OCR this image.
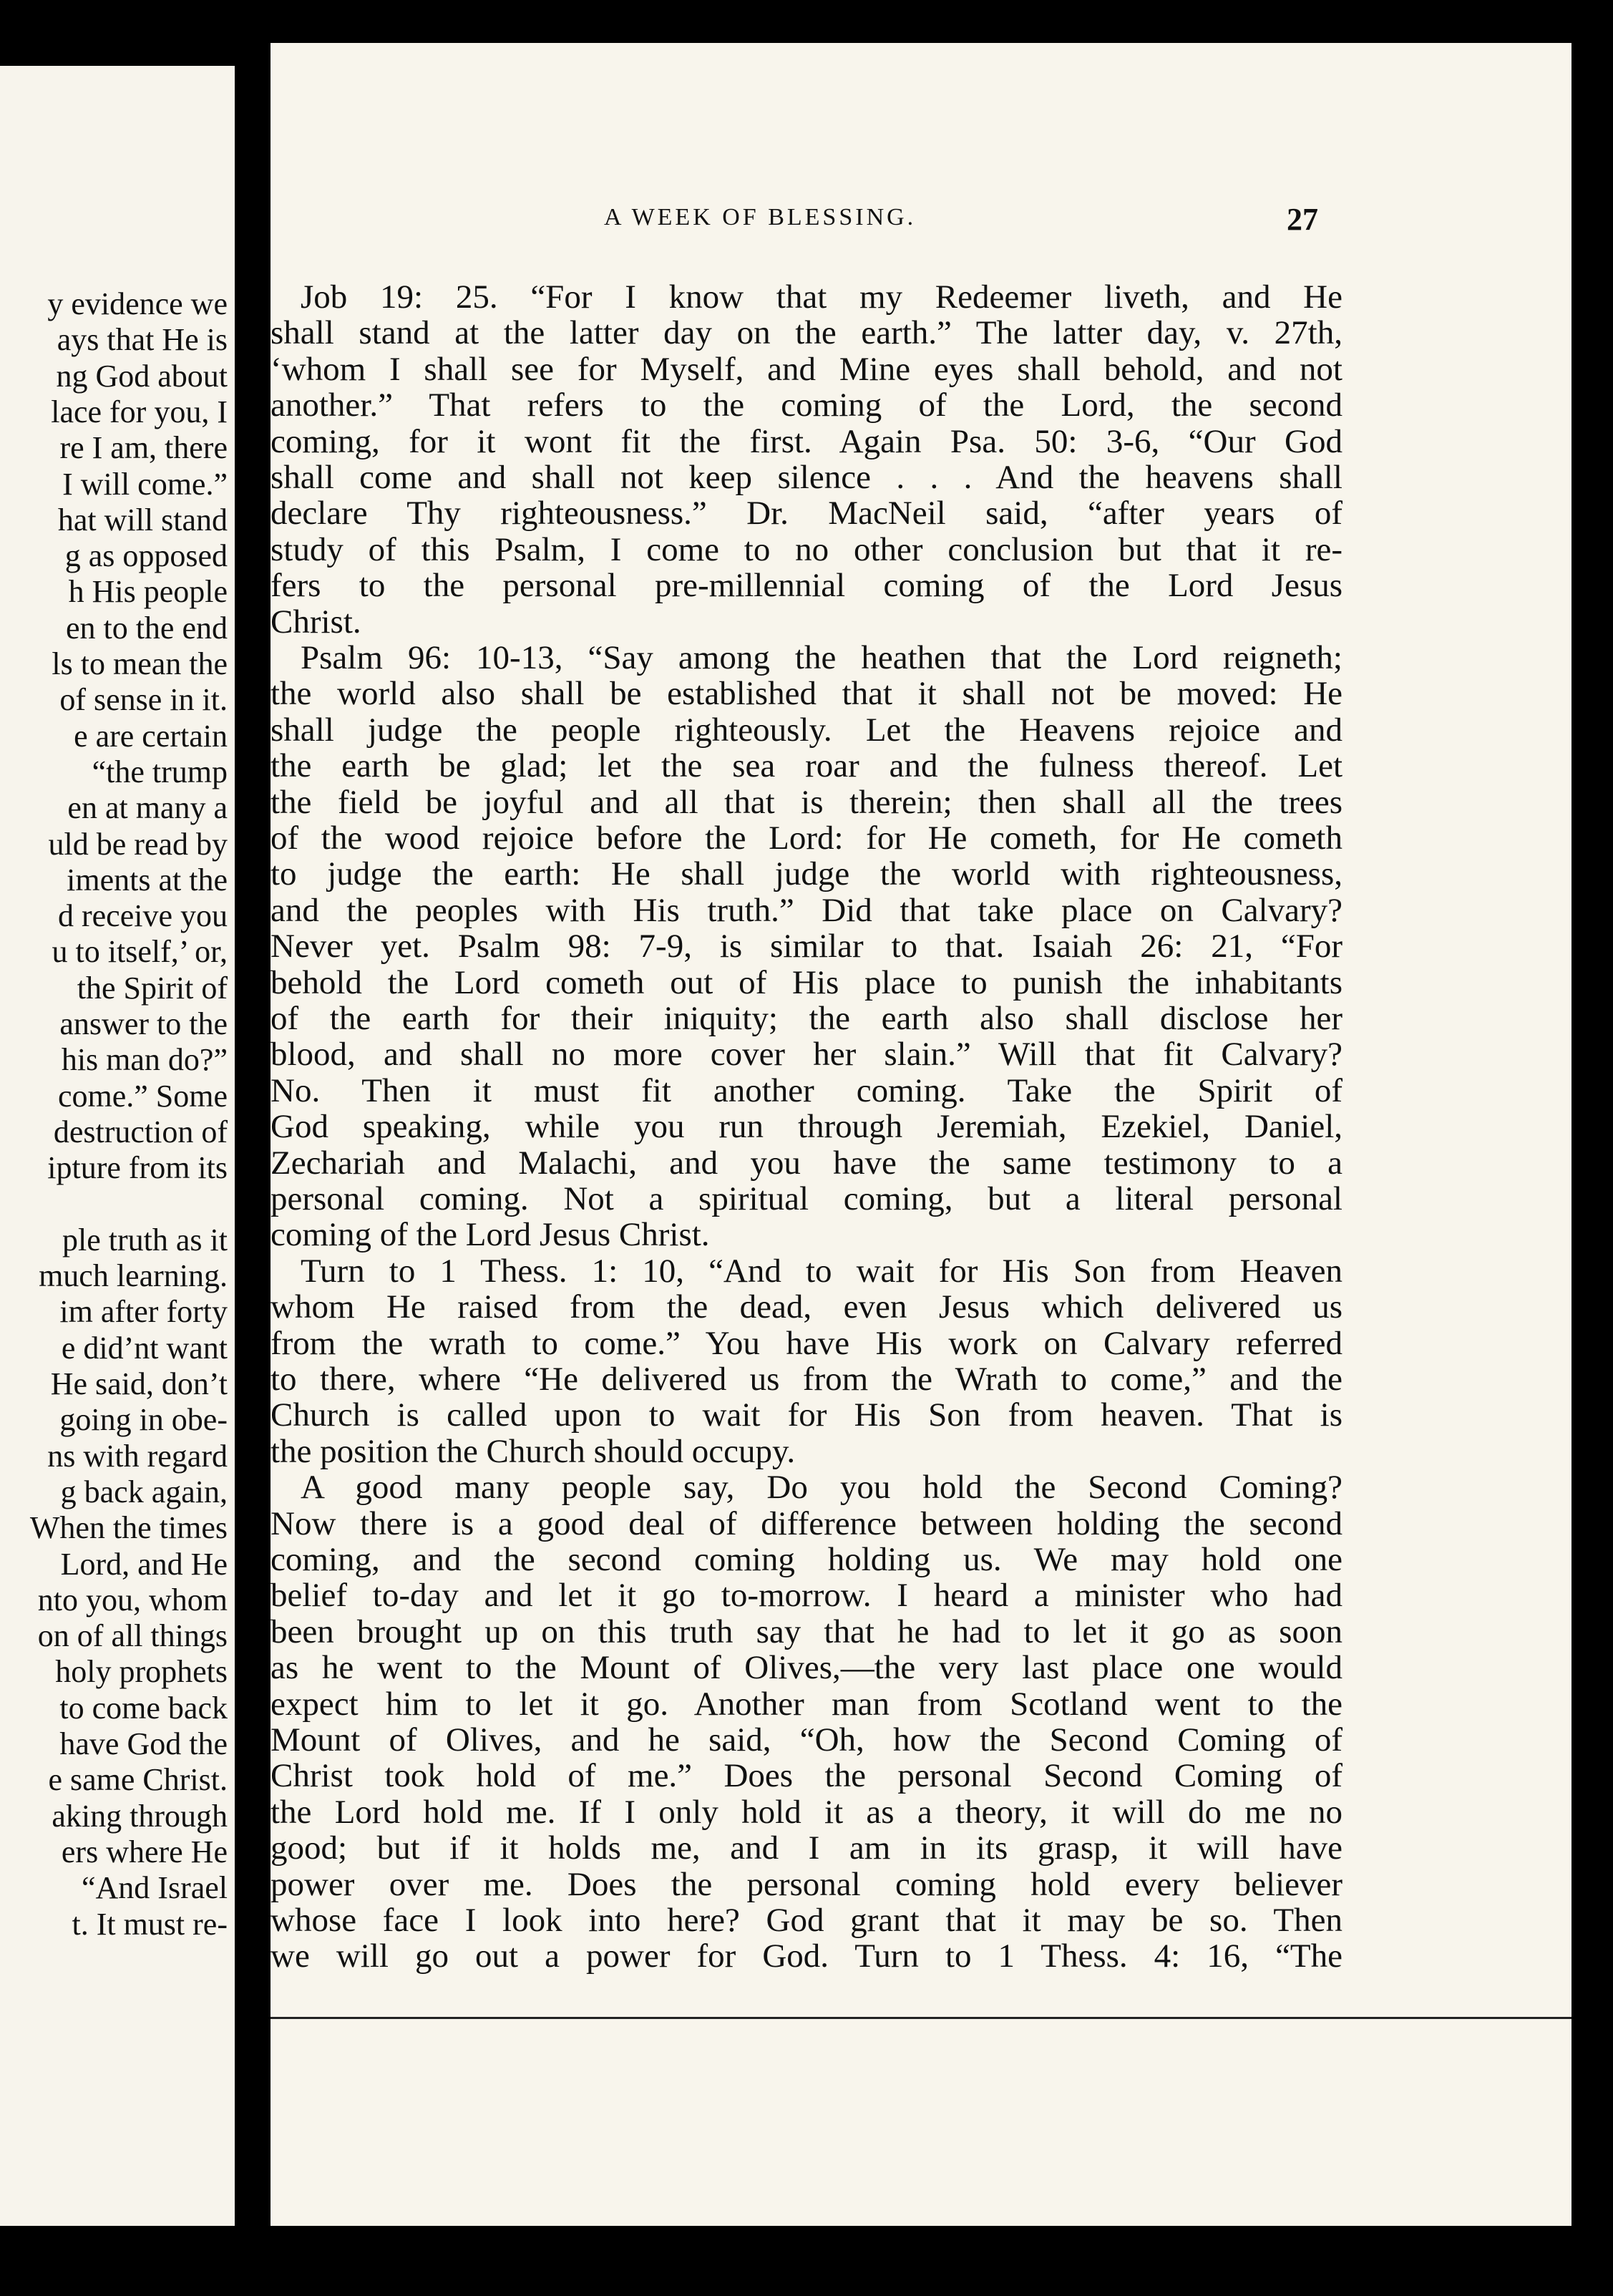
y evidence we
ays that He is
ng God about
lace for you, I
re I am, there
I will come.”
hat will stand
g as opposed
h His people
en to the end
ls to mean the
of sense in it.
e are certain
“the trump
en at many a
uld be read by
iments at the
d receive you
u to itself,’ or,
the Spirit of
answer to the
his man do?”
come.” Some
destruction of
ipture from its
ple truth as it
much learning.
im after forty
e did’nt want
He said, don’t
going in obe-
ns with regard
g back again,
When the times
Lord, and He
nto you, whom
on of all things
holy prophets
to come back
have God the
e same Christ.
aking through
ers where He
“And Israel
t. It must re-
A WEEK OF BLESSING.	27
Job 19: 25. “For I know that my Redeemer liveth, and He
shall stand at the latter day on the earth.” The latter day, v. 27th,
‘whom I shall see for Myself, and Mine eyes shall behold, and not
another.” That refers to the coming of the Lord, the second
coming, for it wont fit the first. Again Psa. 50: 3-6, “Our God
shall come and shall not keep silence . . . And the heavens shall
declare Thy righteousness.” Dr. MacNeil said, “after years of
study of this Psalm, I come to no other conclusion but that it re-
fers to the personal pre-millennial coming of the Lord Jesus
Christ.
Psalm 96: 10-13, “Say among the heathen that the Lord reigneth;
the world also shall be established that it shall not be moved: He
shall judge the people righteously. Let the Heavens rejoice and
the earth be glad; let the sea roar and the fulness thereof. Let
the field be joyful and all that is therein; then shall all the trees
of the wood rejoice before the Lord: for He cometh, for He cometh
to judge the earth: He shall judge the world with righteousness,
and the peoples with His truth.” Did that take place on Calvary?
Never yet. Psalm 98: 7-9, is similar to that. Isaiah 26: 21, “For
behold the Lord cometh out of His place to punish the inhabitants
of the earth for their iniquity; the earth also shall disclose her
blood, and shall no more cover her slain.” Will that fit Calvary?
No. Then it must fit another coming. Take the Spirit of
God speaking, while you run through Jeremiah, Ezekiel, Daniel,
Zechariah and Malachi, and you have the same testimony to a
personal coming. Not a spiritual coming, but a literal personal
coming of the Lord Jesus Christ.
Turn to 1 Thess. 1: 10, “And to wait for His Son from Heaven
whom He raised from the dead, even Jesus which delivered us
from the wrath to come.” You have His work on Calvary referred
to there, where “He delivered us from the Wrath to come,” and the
Church is called upon to wait for His Son from heaven. That is
the position the Church should occupy.
A good many people say, Do you hold the Second Coming?
Now there is a good deal of difference between holding the second
coming, and the second coming holding us. We may hold one
belief to-day and let it go to-morrow. I heard a minister who had
been brought up on this truth say that he had to let it go as soon
as he went to the Mount of Olives,—the very last place one would
expect him to let it go. Another man from Scotland went to the
Mount of Olives, and he said, “Oh, how the Second Coming of
Christ took hold of me.” Does the personal Second Coming of
the Lord hold me. If I only hold it as a theory, it will do me no
good; but if it holds me, and I am in its grasp, it will have
power over me. Does the personal coming hold every believer
whose face I look into here? God grant that it may be so. Then
we will go out a power for God. Turn to 1 Thess. 4: 16, “The
